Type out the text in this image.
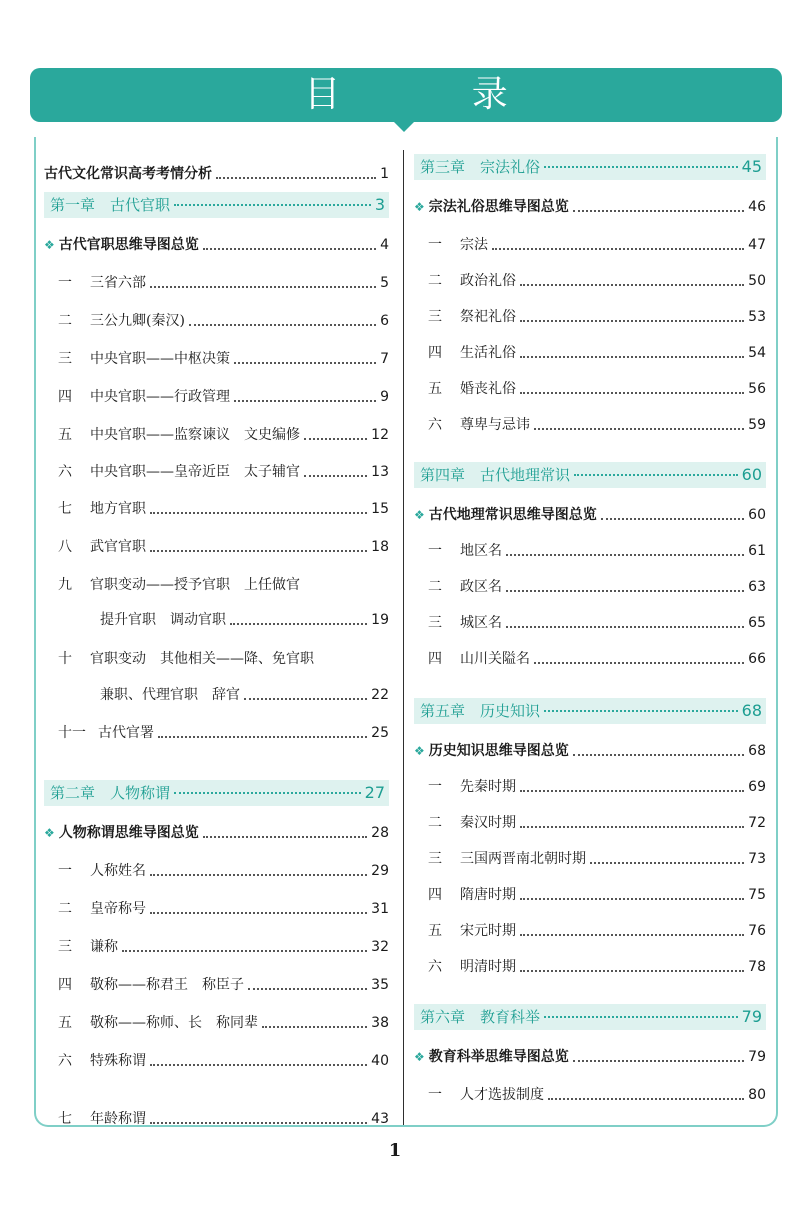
目 录
古代文化常识高考考情分析	1
第一章　古代官职	3
❖ 古代官职思维导图总览	4
一 三省六部	5
二 三公九卿(秦汉)	6
三 中央官职——中枢决策	7
四 中央官职——行政管理	9
五 中央官职——监察谏议　文史编修	12
六 中央官职——皇帝近臣　太子辅官	13
七 地方官职	15
八 武官官职	18
九 官职变动——授予官职　上任做官
提升官职　调动官职	19
十 官职变动　其他相关——降、免官职
兼职、代理官职　辞官	22
十一 古代官署	25
第二章　人物称谓	27
❖ 人物称谓思维导图总览	28
一 人称姓名	29
二 皇帝称号	31
三 谦称	32
四 敬称——称君王　称臣子	35
五 敬称——称师、长　称同辈	38
六 特殊称谓	40
七 年龄称谓	43
第三章　宗法礼俗	45
❖ 宗法礼俗思维导图总览	46
一 宗法	47
二 政治礼俗	50
三 祭祀礼俗	53
四 生活礼俗	54
五 婚丧礼俗	56
六 尊卑与忌讳	59
第四章　古代地理常识	60
❖ 古代地理常识思维导图总览	60
一 地区名	61
二 政区名	63
三 城区名	65
四 山川关隘名	66
第五章　历史知识	68
❖ 历史知识思维导图总览	68
一 先秦时期	69
二 秦汉时期	72
三 三国两晋南北朝时期	73
四 隋唐时期	75
五 宋元时期	76
六 明清时期	78
第六章　教育科举	79
❖ 教育科举思维导图总览	79
一 人才选拔制度	80
1
